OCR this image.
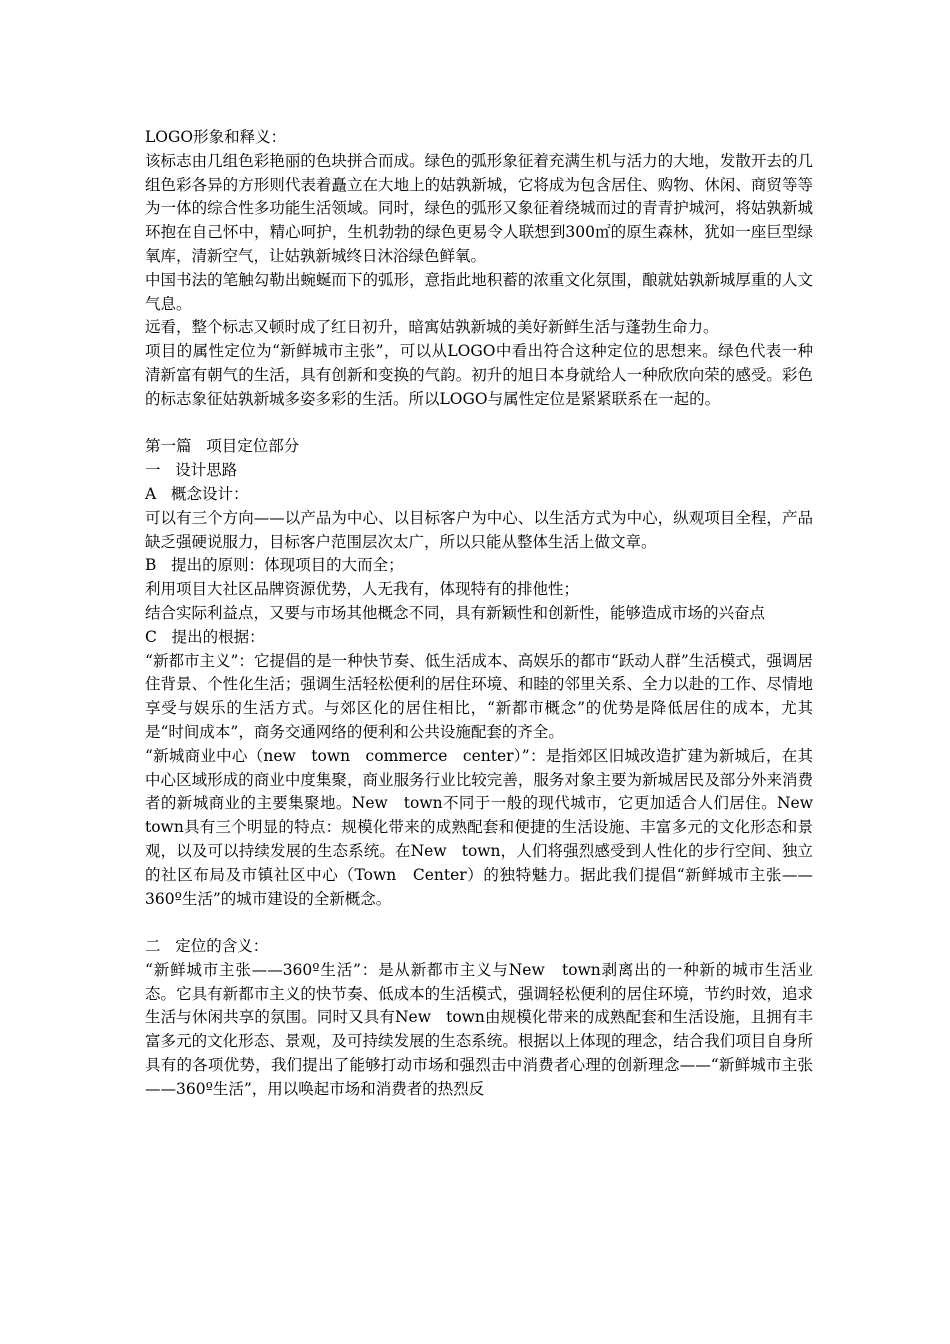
LOGO形象和释义：

该标志由几组色彩艳丽的色块拼合而成。绿色的弧形象征着充满生机与活力的大地，发散开去的几组色彩各异的方形则代表着矗立在大地上的姑孰新城，它将成为包含居住、购物、休闲、商贸等等为一体的综合性多功能生活领域。同时，绿色的弧形又象征着绕城而过的青青护城河，将姑孰新城环抱在自己怀中，精心呵护，生机勃勃的绿色更易令人联想到300㎡的原生森林，犹如一座巨型绿氧库，清新空气，让姑孰新城终日沐浴绿色鲜氧。

中国书法的笔触勾勒出蜿蜒而下的弧形，意指此地积蓄的浓重文化氛围，酿就姑孰新城厚重的人文气息。

远看，整个标志又顿时成了红日初升，暗寓姑孰新城的美好新鲜生活与蓬勃生命力。

项目的属性定位为“新鲜城市主张”，可以从LOGO中看出符合这种定位的思想来。绿色代表一种清新富有朝气的生活，具有创新和变换的气韵。初升的旭日本身就给人一种欣欣向荣的感受。彩色的标志象征姑孰新城多姿多彩的生活。所以LOGO与属性定位是紧紧联系在一起的。

第一篇   项目定位部分

一   设计思路

A   概念设计：

可以有三个方向——以产品为中心、以目标客户为中心、以生活方式为中心，纵观项目全程，产品缺乏强硬说服力，目标客户范围层次太广，所以只能从整体生活上做文章。

B   提出的原则：体现项目的大而全；

利用项目大社区品牌资源优势，人无我有，体现特有的排他性；

结合实际利益点，又要与市场其他概念不同，具有新颖性和创新性，能够造成市场的兴奋点

C   提出的根据：

“新都市主义”：它提倡的是一种快节奏、低生活成本、高娱乐的都市“跃动人群”生活模式，强调居住背景、个性化生活；强调生活轻松便利的居住环境、和睦的邻里关系、全力以赴的工作、尽情地享受与娱乐的生活方式。与郊区化的居住相比，“新都市概念”的优势是降低居住的成本，尤其是“时间成本”，商务交通网络的便利和公共设施配套的齐全。

“新城商业中心（new   town   commerce   center）”：是指郊区旧城改造扩建为新城后，在其中心区域形成的商业中度集聚，商业服务行业比较完善，服务对象主要为新城居民及部分外来消费者的新城商业的主要集聚地。New   town不同于一般的现代城市，它更加适合人们居住。New   town具有三个明显的特点：规模化带来的成熟配套和便捷的生活设施、丰富多元的文化形态和景观，以及可以持续发展的生态系统。在New   town，人们将强烈感受到人性化的步行空间、独立的社区布局及市镇社区中心（Town   Center）的独特魅力。据此我们提倡“新鲜城市主张——360º生活”的城市建设的全新概念。

二   定位的含义：

“新鲜城市主张——360º生活”：是从新都市主义与New   town剥离出的一种新的城市生活业态。它具有新都市主义的快节奏、低成本的生活模式，强调轻松便利的居住环境，节约时效，追求生活与休闲共享的氛围。同时又具有New   town由规模化带来的成熟配套和生活设施，且拥有丰富多元的文化形态、景观，及可持续发展的生态系统。根据以上体现的理念，结合我们项目自身所具有的各项优势，我们提出了能够打动市场和强烈击中消费者心理的创新理念——“新鲜城市主张——360º生活”，用以唤起市场和消费者的热烈反
